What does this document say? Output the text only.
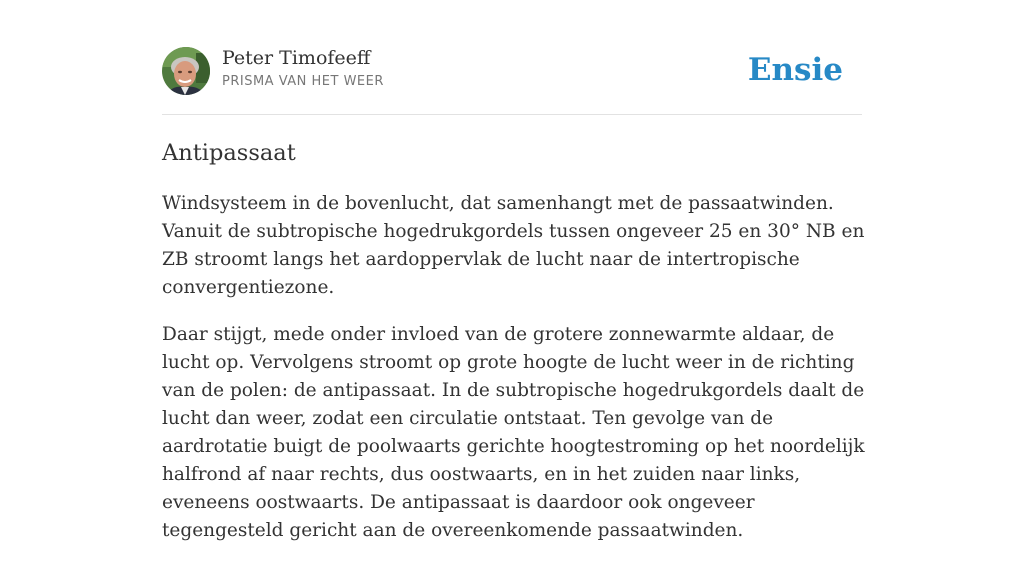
Peter Timofeeff
PRISMA VAN HET WEER	Ensie
Antipassaat

Windsysteem in de bovenlucht, dat samenhangt met de passaatwinden. Vanuit de subtropische hogedrukgordels tussen ongeveer 25 en 30° NB en ZB stroomt langs het aardoppervlak de lucht naar de intertropische convergentiezone.

Daar stijgt, mede onder invloed van de grotere zonnewarmte aldaar, de lucht op. Vervolgens stroomt op grote hoogte de lucht weer in de richting van de polen: de antipassaat. In de subtropische hogedrukgordels daalt de lucht dan weer, zodat een circulatie ontstaat. Ten gevolge van de aardrotatie buigt de poolwaarts gerichte hoogtestroming op het noordelijk halfrond af naar rechts, dus oostwaarts, en in het zuiden naar links, eveneens oostwaarts. De antipassaat is daardoor ook ongeveer tegengesteld gericht aan de overeenkomende passaatwinden.
